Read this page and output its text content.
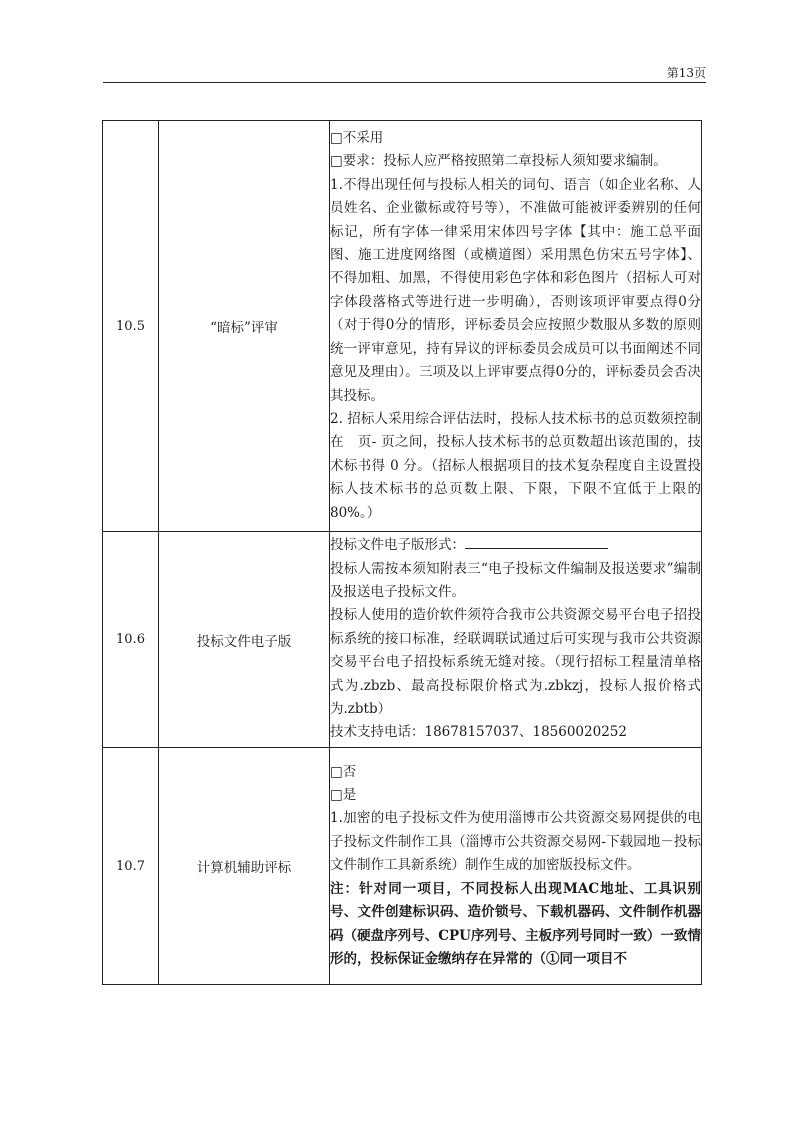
第13页
10.5	“暗标”评审	□不采用
□要求：投标人应严格按照第二章投标人须知要求编制。
1.不得出现任何与投标人相关的词句、语言（如企业名称、人员姓名、企业徽标或符号等），不准做可能被评委辨别的任何标记，所有字体一律采用宋体四号字体【其中：施工总平面图、施工进度网络图（或横道图）采用黑色仿宋五号字体】、不得加粗、加黑，不得使用彩色字体和彩色图片（招标人可对字体段落格式等进行进一步明确），否则该项评审要点得0分（对于得0分的情形，评标委员会应按照少数服从多数的原则统一评审意见，持有异议的评标委员会成员可以书面阐述不同意见及理由）。三项及以上评审要点得0分的，评标委员会否决其投标。
2. 招标人采用综合评估法时，投标人技术标书的总页数须控制在　页- 页之间，投标人技术标书的总页数超出该范围的，技术标书得 0 分。（招标人根据项目的技术复杂程度自主设置投标人技术标书的总页数上限、下限，下限不宜低于上限的 80%。）

10.6	投标文件电子版	投标文件电子版形式：
投标人需按本须知附表三“电子投标文件编制及报送要求”编制及报送电子投标文件。
投标人使用的造价软件须符合我市公共资源交易平台电子招投标系统的接口标准，经联调联试通过后可实现与我市公共资源交易平台电子招投标系统无缝对接。（现行招标工程量清单格式为.zbzb、最高投标限价格式为.zbkzj，投标人报价格式为.zbtb）
技术支持电话：18678157037、18560020252

10.7	计算机辅助评标	□否
□是
1.加密的电子投标文件为使用淄博市公共资源交易网提供的电子投标文件制作工具（淄博市公共资源交易网-下载园地－投标文件制作工具新系统）制作生成的加密版投标文件。
注：针对同一项目，不同投标人出现MAC地址、工具识别号、文件创建标识码、造价锁号、下载机器码、文件制作机器码（硬盘序列号、CPU序列号、主板序列号同时一致）一致情形的，投标保证金缴纳存在异常的（①同一项目不
